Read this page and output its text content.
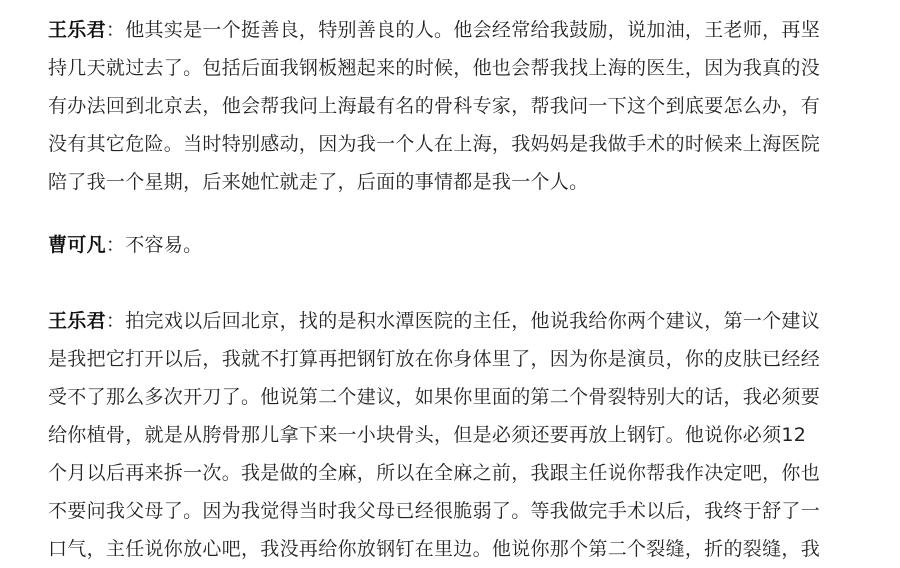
王乐君：他其实是一个挺善良，特别善良的人。他会经常给我鼓励，说加油，王老师，再坚
持几天就过去了。包括后面我钢板翘起来的时候，他也会帮我找上海的医生，因为我真的没
有办法回到北京去，他会帮我问上海最有名的骨科专家，帮我问一下这个到底要怎么办，有
没有其它危险。当时特别感动，因为我一个人在上海，我妈妈是我做手术的时候来上海医院
陪了我一个星期，后来她忙就走了，后面的事情都是我一个人。
曹可凡：不容易。
王乐君：拍完戏以后回北京，找的是积水潭医院的主任，他说我给你两个建议，第一个建议
是我把它打开以后，我就不打算再把钢钉放在你身体里了，因为你是演员，你的皮肤已经经
受不了那么多次开刀了。他说第二个建议，如果你里面的第二个骨裂特别大的话，我必须要
给你植骨，就是从胯骨那儿拿下来一小块骨头，但是必须还要再放上钢钉。他说你必须12
个月以后再来拆一次。我是做的全麻，所以在全麻之前，我跟主任说你帮我作决定吧，你也
不要问我父母了。因为我觉得当时我父母已经很脆弱了。等我做完手术以后，我终于舒了一
口气，主任说你放心吧，我没再给你放钢钉在里边。他说你那个第二个裂缝，折的裂缝，我
